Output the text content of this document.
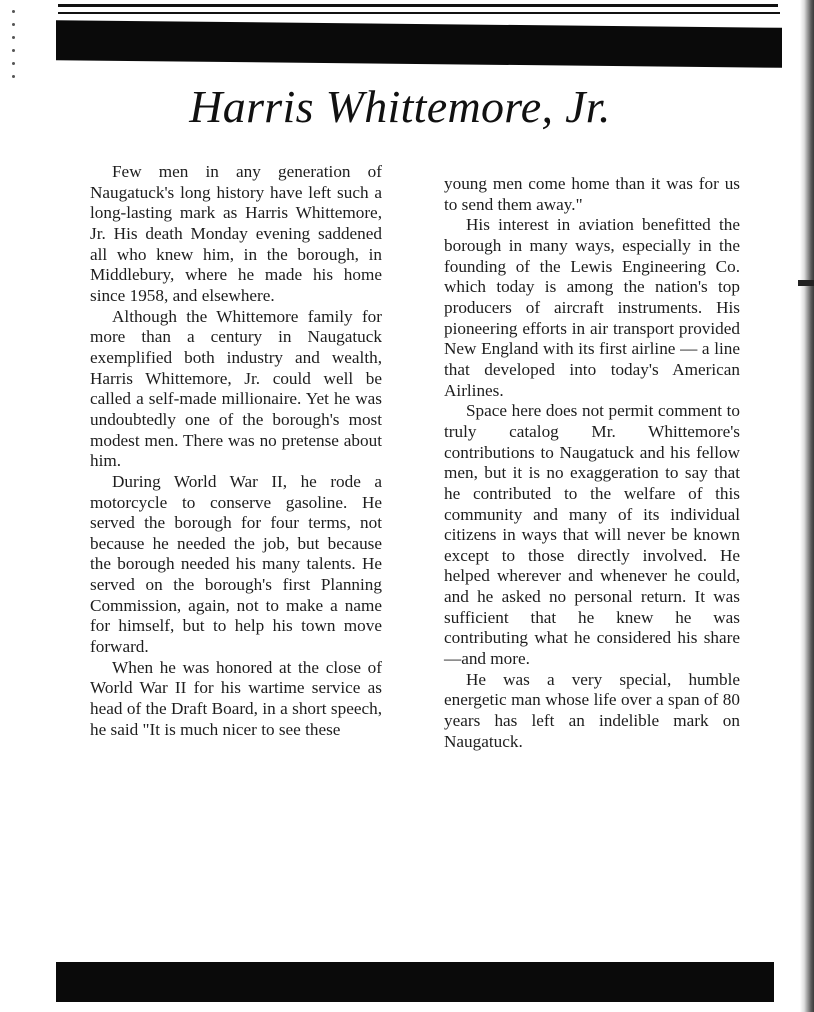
Harris Whittemore, Jr.

Few men in any generation of Naugatuck's long history have left such a long-lasting mark as Harris Whittemore, Jr. His death Monday evening saddened all who knew him, in the borough, in Middlebury, where he made his home since 1958, and elsewhere.

Although the Whittemore family for more than a century in Naugatuck exemplified both industry and wealth, Harris Whittemore, Jr. could well be called a self-made millionaire. Yet he was undoubtedly one of the borough's most modest men. There was no pretense about him.

During World War II, he rode a motorcycle to conserve gasoline. He served the borough for four terms, not because he needed the job, but because the borough needed his many talents. He served on the borough's first Planning Commission, again, not to make a name for himself, but to help his town move forward.

When he was honored at the close of World War II for his wartime service as head of the Draft Board, in a short speech, he said "It is much nicer to see these

young men come home than it was for us to send them away."

His interest in aviation benefitted the borough in many ways, especially in the founding of the Lewis Engineering Co. which today is among the nation's top producers of aircraft instruments. His pioneering efforts in air transport provided New England with its first airline — a line that developed into today's American Airlines.

Space here does not permit comment to truly catalog Mr. Whittemore's contributions to Naugatuck and his fellow men, but it is no exaggeration to say that he contributed to the welfare of this community and many of its individual citizens in ways that will never be known except to those directly involved. He helped wherever and whenever he could, and he asked no personal return. It was sufficient that he knew he was contributing what he considered his share—and more.

He was a very special, humble energetic man whose life over a span of 80 years has left an indelible mark on Naugatuck.
